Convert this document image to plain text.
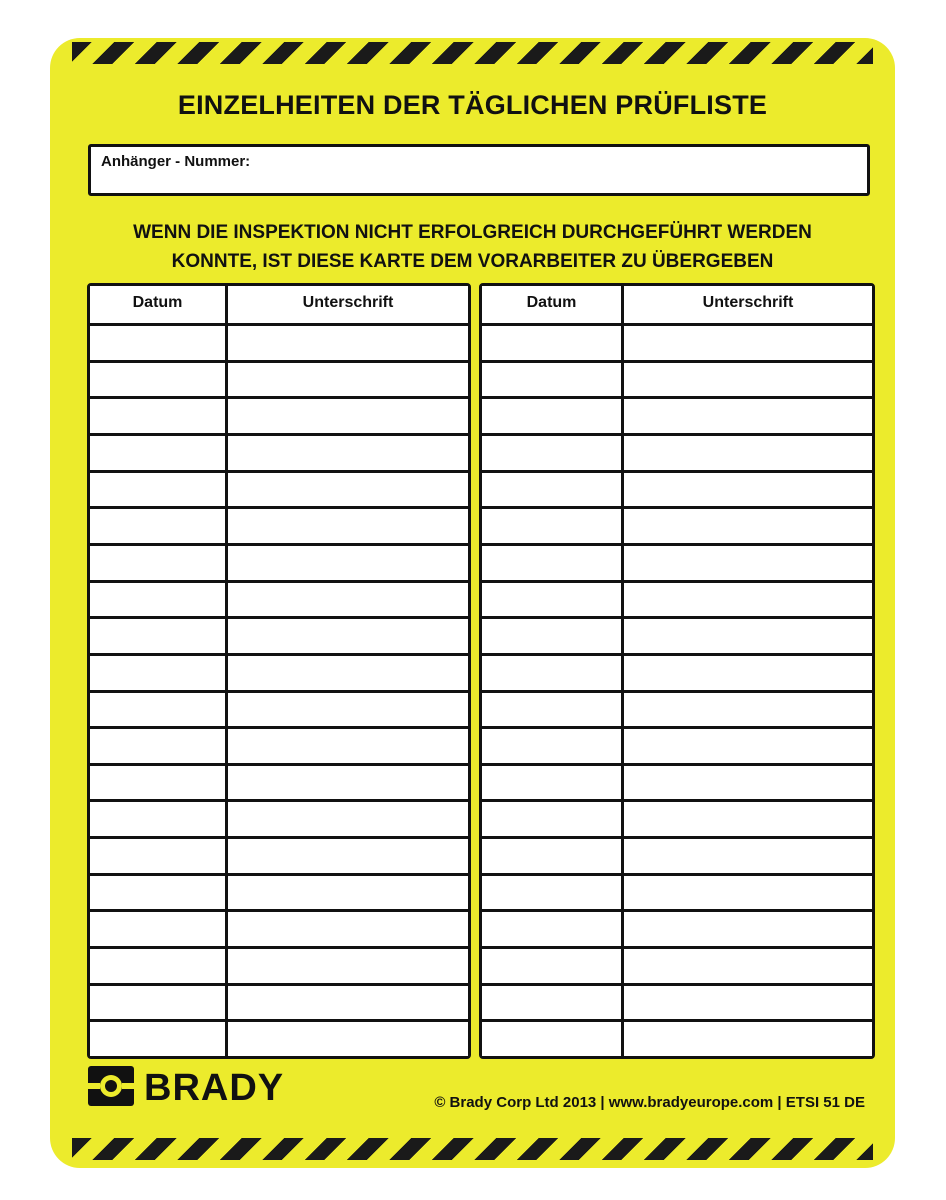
EINZELHEITEN DER TÄGLICHEN PRÜFLISTE
Anhänger - Nummer:
WENN DIE INSPEKTION NICHT ERFOLGREICH DURCHGEFÜHRT WERDEN
KONNTE, IST DIESE KARTE DEM VORARBEITER ZU ÜBERGEBEN
Datum	Unterschrift	Datum	Unterschrift
BRADY	© Brady Corp Ltd 2013 | www.bradyeurope.com | ETSI 51 DE
